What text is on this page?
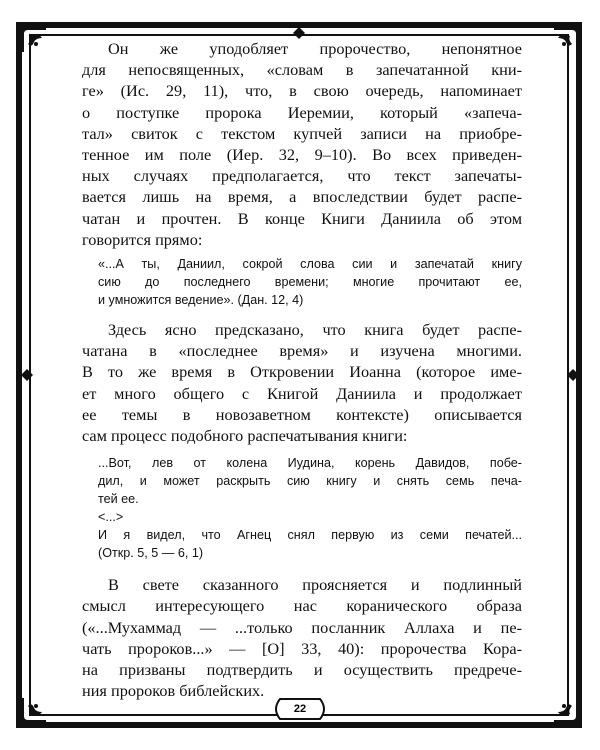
Он же уподобляет пророчество, непонятное
для непосвященных, «словам в запечатанной кни-
ге» (Ис. 29, 11), что, в свою очередь, напоминает
о поступке пророка Иеремии, который «запеча-
тал» свиток с текстом купчей записи на приобре-
тенное им поле (Иер. 32, 9–10). Во всех приведен-
ных случаях предполагается, что текст запечаты-
вается лишь на время, а впоследствии будет распе-
чатан и прочтен. В конце Книги Даниила об этом
говорится прямо:

«...А ты, Даниил, сокрой слова сии и запечатай книгу
сию до последнего времени; многие прочитают ее,
и умножится ведение». (Дан. 12, 4)

Здесь ясно предсказано, что книга будет распе-
чатана в «последнее время» и изучена многими.
В то же время в Откровении Иоанна (которое име-
ет много общего с Книгой Даниила и продолжает
ее темы в новозаветном контексте) описывается
сам процесс подобного распечатывания книги:

...Вот, лев от колена Иудина, корень Давидов, побе-
дил, и может раскрыть сию книгу и снять семь печа-
тей ее.
<...>
И я видел, что Агнец снял первую из семи печатей...
(Откр. 5, 5 — 6, 1)

В свете сказанного проясняется и подлинный
смысл интересующего нас коранического образа
(«...Мухаммад — ...только посланник Аллаха и пе-
чать пророков...» — [О] 33, 40): пророчества Кора-
на призваны подтвердить и осуществить предрече-
ния пророков библейских.

22
